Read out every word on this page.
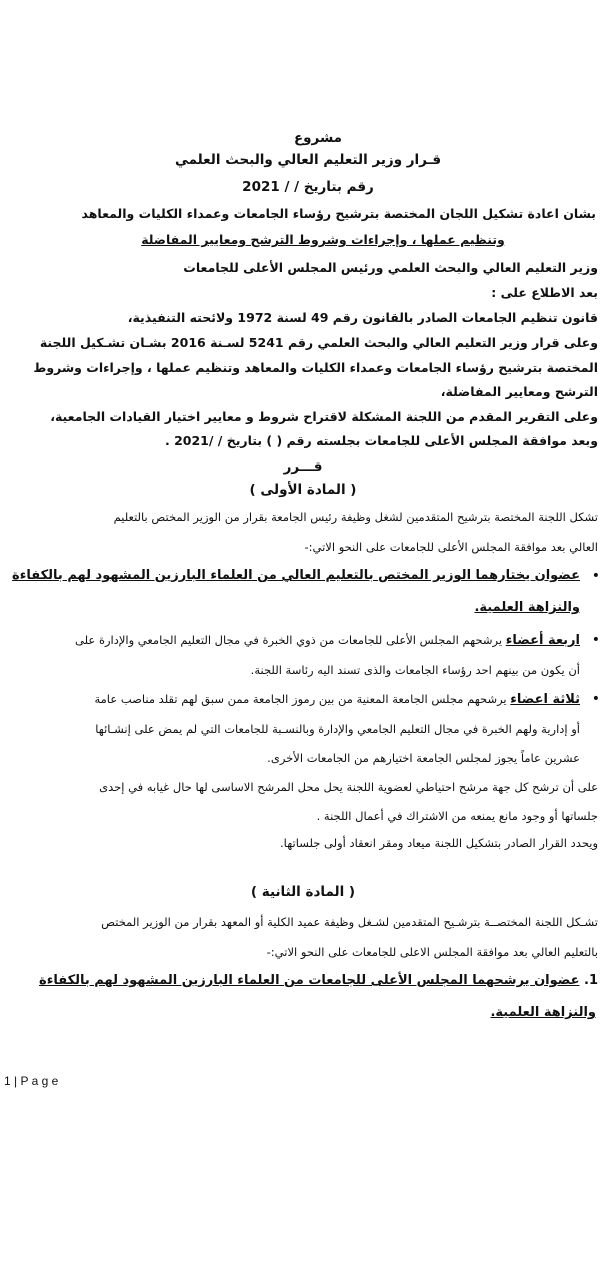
مشروع
قـرار وزير التعليم العالي والبحث العلمي
رقم بتاريخ / / 2021
بشان اعادة تشكيل اللجان المختصة بترشيح رؤساء الجامعات وعمداء الكليات والمعاهد
وتنظيم عملها ، وإجراءات وشروط الترشح ومعايير المفاضلة
وزير التعليم العالي والبحث العلمي ورئيس المجلس الأعلى للجامعات
بعد الاطلاع على :
قانون تنظيم الجامعات الصادر بالقانون رقم 49 لسنة 1972 ولائحته التنفيذية،
وعلى قرار وزير التعليم العالي والبحث العلمي رقم 5241 لسـنة 2016 بشـان تشـكيل اللجنة
المختصة بترشيح رؤساء الجامعات وعمداء الكليات والمعاهد وتنظيم عملها ، وإجراءات وشروط
الترشح ومعايير المفاضلة،
وعلى التقرير المقدم من اللجنة المشكلة لاقتراح شروط و معايير اختيار القيادات الجامعية،
وبعد موافقة المجلس الأعلى للجامعات بجلسته رقم ( ) بتاريخ / /2021 .
قـــرر
( المادة الأولى )
تشكل اللجنة المختصة بترشيح المتقدمين لشغل وظيفة رئيس الجامعة بقرار من الوزير المختص بالتعليم
العالي بعد موافقة المجلس الأعلى للجامعات على النحو الاتي:-
•
عضوان يختارهما الوزير المختص بالتعليم العالي من العلماء البارزين المشهود لهم بالكفاءة
والنزاهة العلمية.
•
اربعة أعضاء يرشحهم المجلس الأعلى للجامعات من ذوي الخبرة في مجال التعليم الجامعي والإدارة على
أن يكون من بينهم احد رؤساء الجامعات والذى تسند اليه رئاسة اللجنة.
•
ثلاثة اعضاء يرشحهم مجلس الجامعة المعنية من بين رموز الجامعة ممن سبق لهم تقلد مناصب عامة
أو إدارية ولهم الخبرة في مجال التعليم الجامعي والإدارة وبالنسـبة للجامعات التي لم يمض على إنشـائها
عشرين عاماً يجوز لمجلس الجامعة اختيارهم من الجامعات الأخرى.
على أن ترشح كل جهة مرشح احتياطي لعضوية اللجنة يحل محل المرشح الاساسى لها حال غيابه في إحدى
جلساتها أو وجود مانع يمنعه من الاشتراك في أعمال اللجنة .
ويحدد القرار الصادر بتشكيل اللجنة ميعاد ومقر انعقاد أولى جلساتها.
( المادة الثانية )
تشـكل اللجنة المختصــة بترشـيح المتقدمين لشـغل وظيفة عميد الكلية أو المعهد بقرار من الوزير المختص
بالتعليم العالي بعد موافقة المجلس الاعلى للجامعات على النحو الاتي:-
1. عضوان يرشحهما المجلس الأعلى للجامعات من العلماء البارزين المشهود لهم بالكفاءة
والنزاهة العلمية.
1 | P a g e
